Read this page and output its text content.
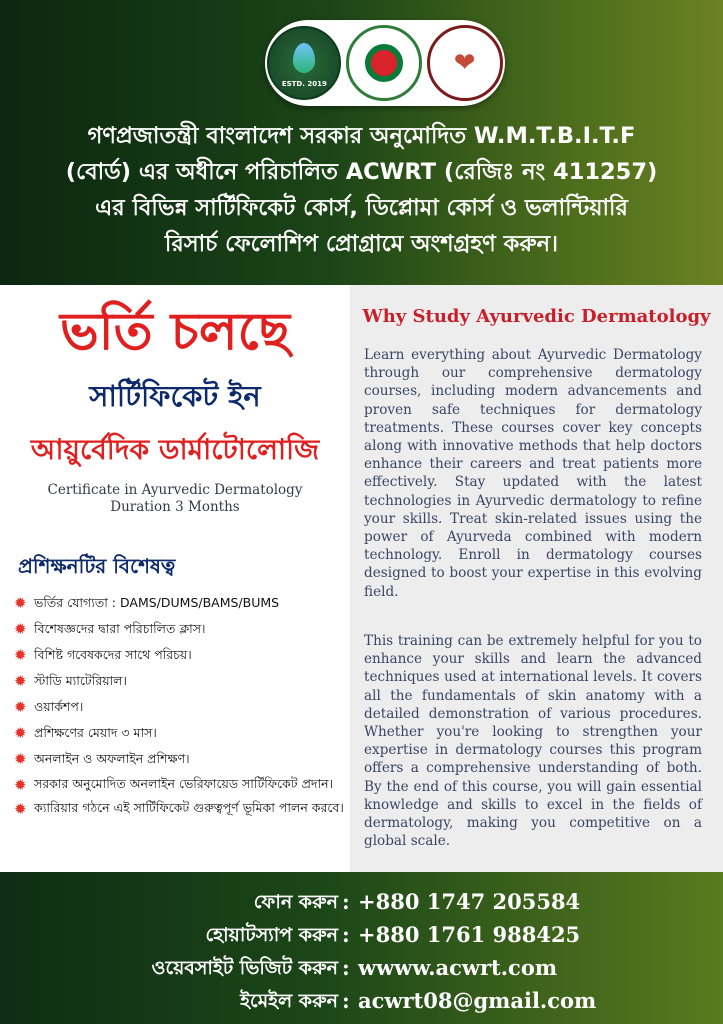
ESTD. 2019
❤
গণপ্রজাতন্ত্রী বাংলাদেশ সরকার অনুমোদিত W.M.T.B.I.T.F
(বোর্ড) এর অধীনে পরিচালিত ACWRT (রেজিঃ নং 411257)
এর বিভিন্ন সার্টিফিকেট কোর্স, ডিপ্লোমা কোর্স ও ভলান্টিয়ারি
রিসার্চ ফেলোশিপ প্রোগ্রামে অংশগ্রহণ করুন।
ভর্তি চলছে
সার্টিফিকেট ইন
আয়ুর্বেদিক ডার্মাটোলোজি
Certificate in Ayurvedic Dermatology
Duration 3 Months
প্রশিক্ষনটির বিশেষত্ব
✹ ভর্তির যোগ্যতা : DAMS/DUMS/BAMS/BUMS
✹ বিশেষজ্ঞদের দ্বারা পরিচালিত ক্লাস।
✹ বিশিষ্ট গবেষকদের সাথে পরিচয়।
✹ স্টাডি ম্যাটেরিয়াল।
✹ ওয়ার্কশপ।
✹ প্রশিক্ষণের মেয়াদ ৩ মাস।
✹ অনলাইন ও অফলাইন প্রশিক্ষণ।
✹ সরকার অনুমোদিত অনলাইন ভেরিফায়েড সার্টিফিকেট প্রদান।
✹ ক্যারিয়ার গঠনে এই সার্টিফিকেট গুরুত্বপূর্ণ ভূমিকা পালন করবে।
Why Study Ayurvedic Dermatology

Learn everything about Ayurvedic Dermatology through our comprehensive dermatology courses, including modern advancements and proven safe techniques for dermatology treatments. These courses cover key concepts along with innovative methods that help doctors enhance their careers and treat patients more effectively. Stay updated with the latest technologies in Ayurvedic dermatology to refine your skills. Treat skin-related issues using the power of Ayurveda combined with modern technology. Enroll in dermatology courses designed to boost your expertise in this evolving field.

This training can be extremely helpful for you to enhance your skills and learn the advanced techniques used at international levels. It covers all the fundamentals of skin anatomy with a detailed demonstration of various procedures. Whether you're looking to strengthen your expertise in dermatology courses this program offers a comprehensive understanding of both. By the end of this course, you will gain essential knowledge and skills to excel in the fields of dermatology, making you competitive on a global scale.

ফোন করুন : +880 1747 205584
হোয়াটস্যাপ করুন : +880 1761 988425
ওয়েবসাইট ভিজিট করুন : wwww.acwrt.com
ইমেইল করুন : acwrt08@gmail.com
